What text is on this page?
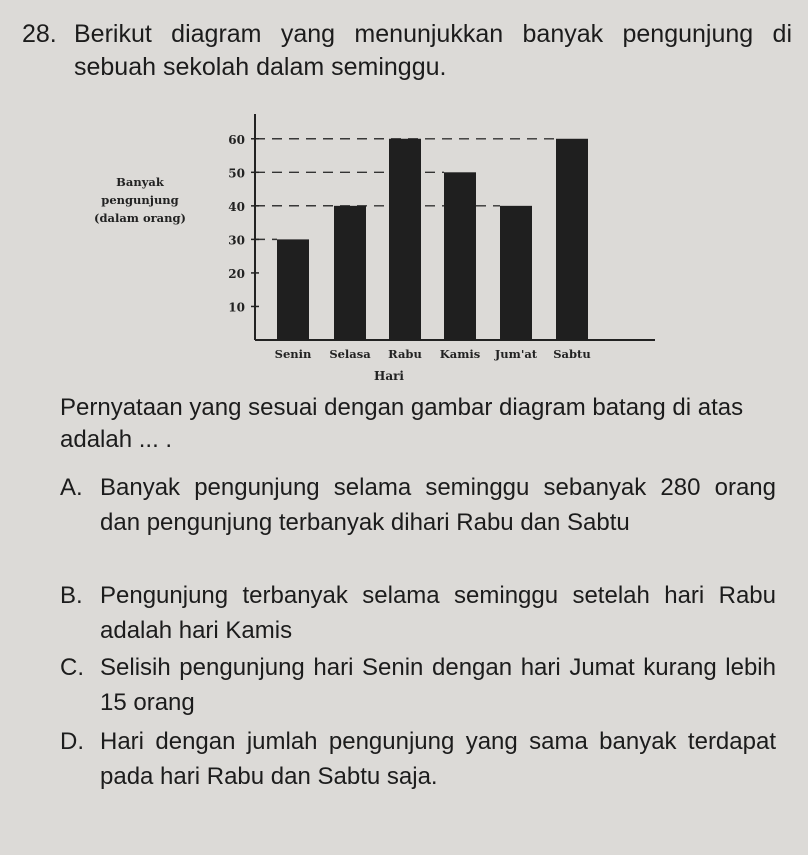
28. Berikut diagram yang menunjukkan banyak pengunjung di sebuah sekolah dalam seminggu.
10
20
30
40
50
60
Senin Selasa Rabu Kamis Jum'at Sabtu
Hari
Banyak
pengunjung
(dalam orang)
Pernyataan yang sesuai dengan gambar diagram batang di atas adalah ... .
A. Banyak pengunjung selama seminggu sebanyak 280 orang dan pengunjung terbanyak dihari Rabu dan Sabtu
B. Pengunjung terbanyak selama seminggu setelah hari Rabu adalah hari Kamis
C. Selisih pengunjung hari Senin dengan hari Jumat kurang lebih 15 orang
D. Hari dengan jumlah pengunjung yang sama banyak terdapat pada hari Rabu dan Sabtu saja.
